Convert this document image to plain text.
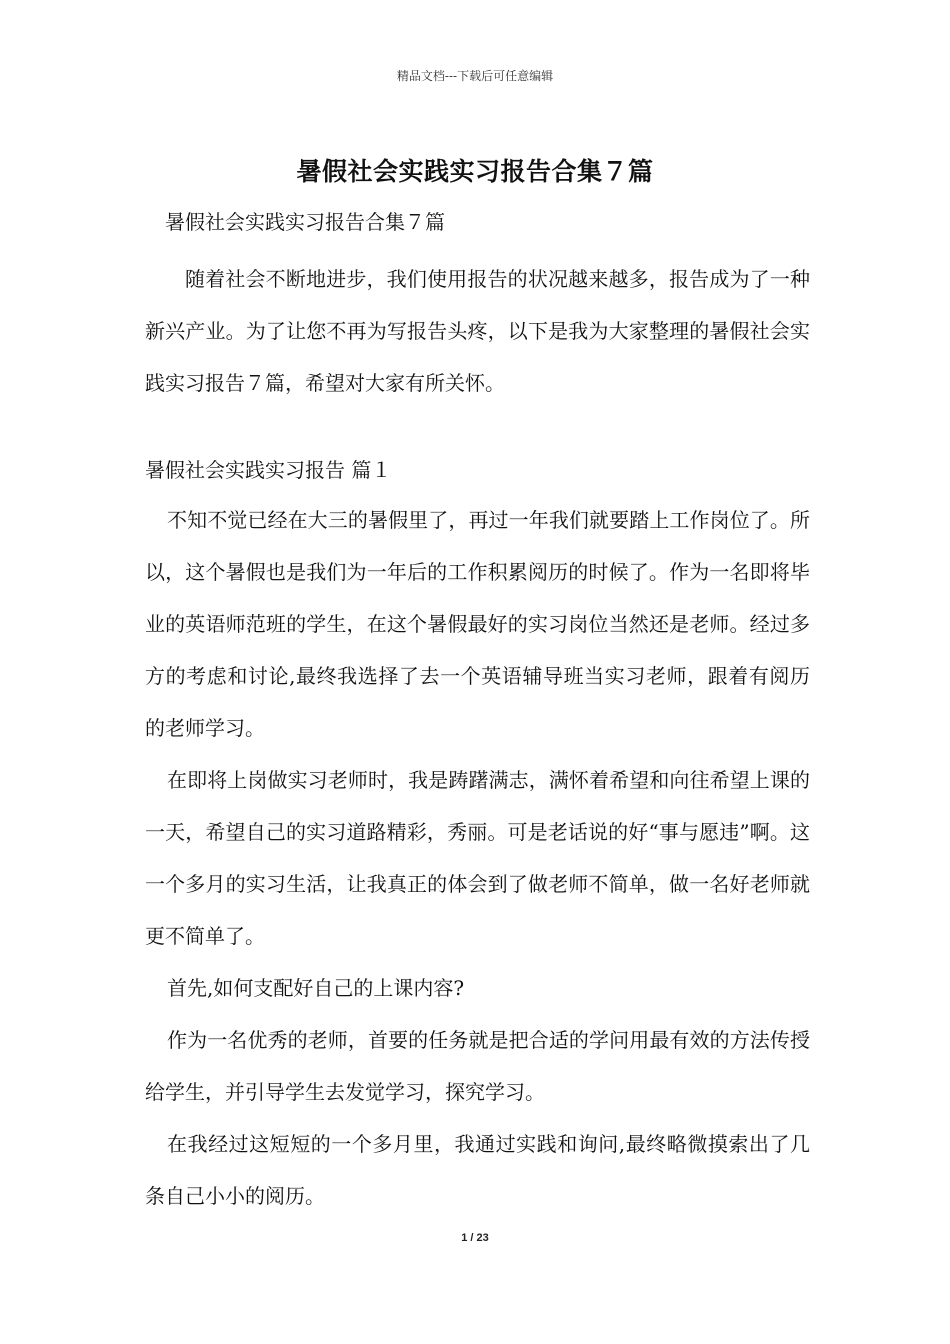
精品文档---下载后可任意编辑
暑假社会实践实习报告合集７篇

暑假社会实践实习报告合集７篇

随着社会不断地进步，我们使用报告的状况越来越多，报告成为了一种新兴产业。为了让您不再为写报告头疼，以下是我为大家整理的暑假社会实践实习报告７篇，希望对大家有所关怀。

暑假社会实践实习报告 篇１

不知不觉已经在大三的暑假里了，再过一年我们就要踏上工作岗位了。所以，这个暑假也是我们为一年后的工作积累阅历的时候了。作为一名即将毕业的英语师范班的学生，在这个暑假最好的实习岗位当然还是老师。经过多方的考虑和讨论,最终我选择了去一个英语辅导班当实习老师，跟着有阅历的老师学习。

在即将上岗做实习老师时，我是踌躇满志，满怀着希望和向往希望上课的一天，希望自己的实习道路精彩，秀丽。可是老话说的好“事与愿违”啊。这一个多月的实习生活，让我真正的体会到了做老师不简单，做一名好老师就更不简单了。

首先,如何支配好自己的上课内容?

作为一名优秀的老师，首要的任务就是把合适的学问用最有效的方法传授给学生，并引导学生去发觉学习，探究学习。

在我经过这短短的一个多月里，我通过实践和询问,最终略微摸索出了几条自己小小的阅历。

1 / 23
